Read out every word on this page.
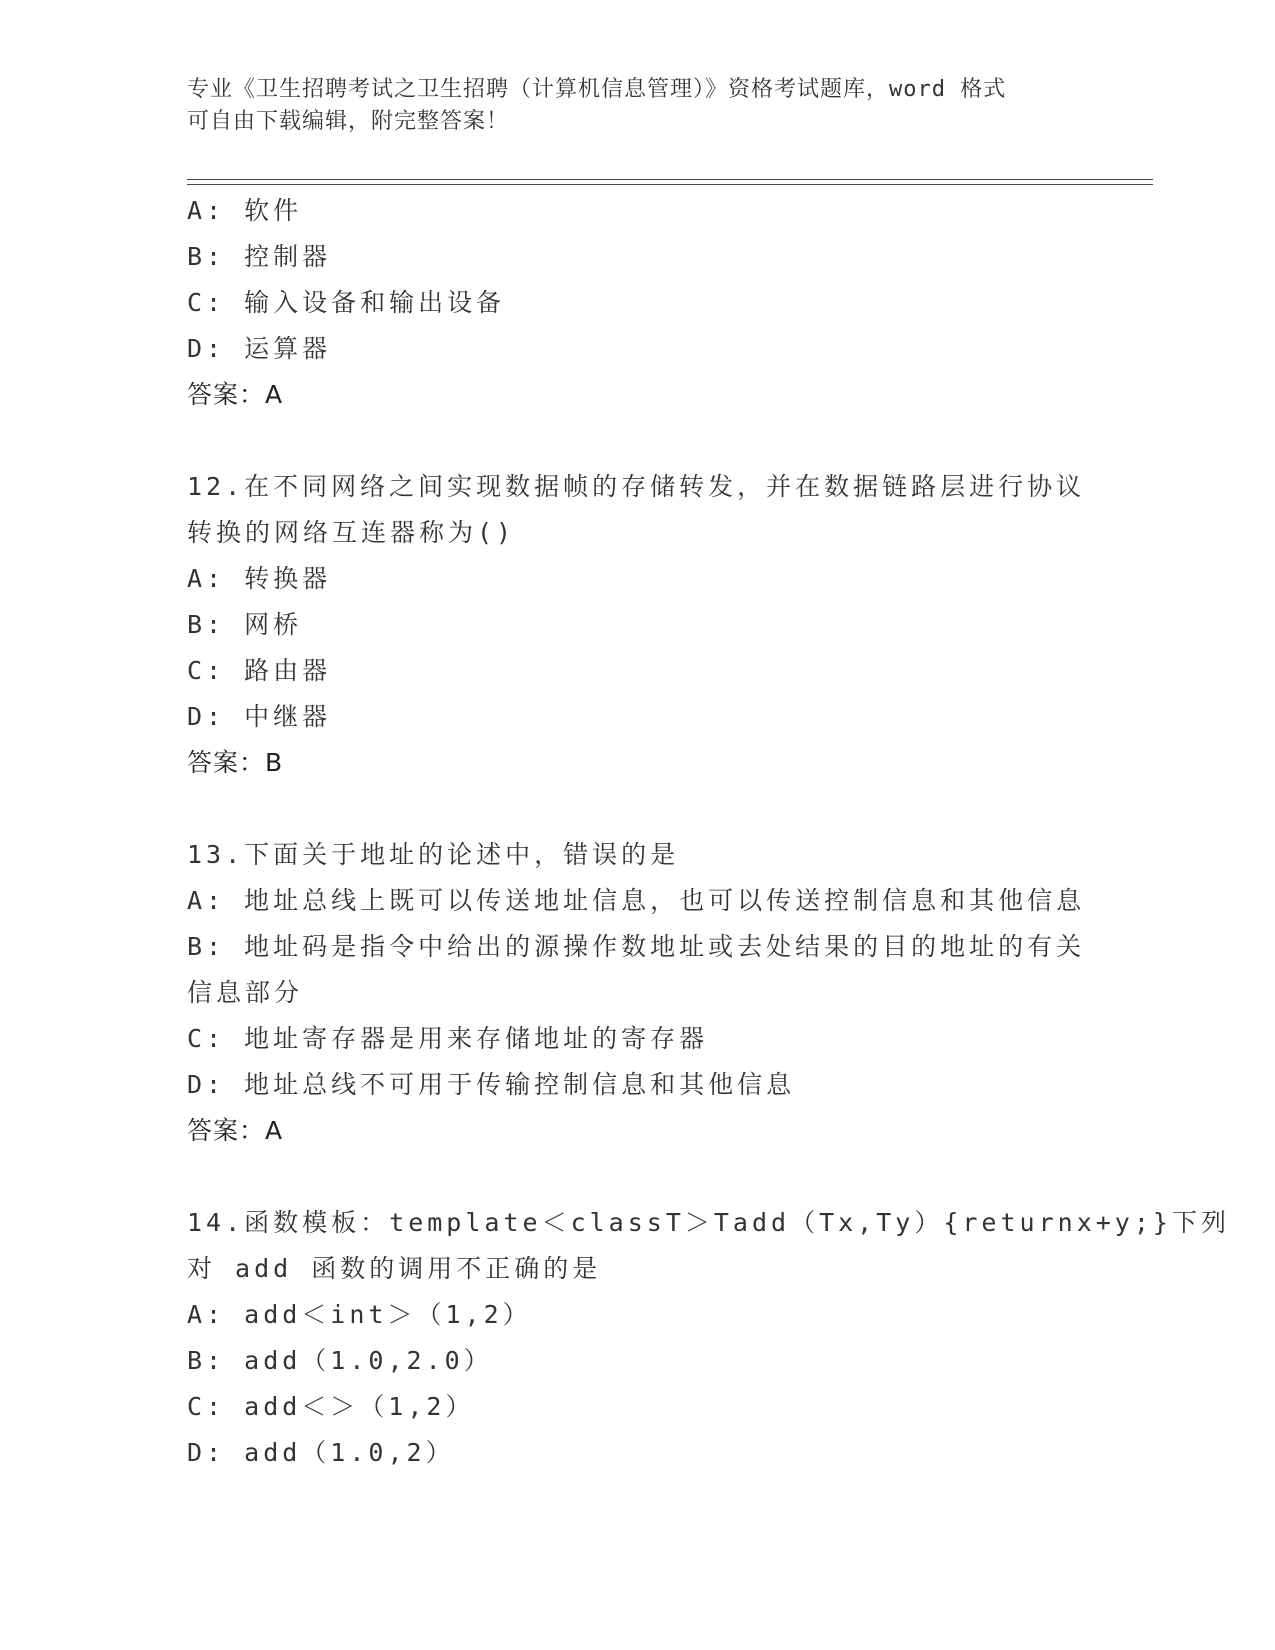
专业《卫生招聘考试之卫生招聘（计算机信息管理）》资格考试题库，word 格式
可自由下载编辑，附完整答案！
A: 软件
B: 控制器
C: 输入设备和输出设备
D: 运算器
答案：A
12.在不同网络之间实现数据帧的存储转发，并在数据链路层进行协议
转换的网络互连器称为()
A: 转换器
B: 网桥
C: 路由器
D: 中继器
答案：B
13.下面关于地址的论述中，错误的是
A: 地址总线上既可以传送地址信息，也可以传送控制信息和其他信息
B: 地址码是指令中给出的源操作数地址或去处结果的目的地址的有关
信息部分
C: 地址寄存器是用来存储地址的寄存器
D: 地址总线不可用于传输控制信息和其他信息
答案：A
14.函数模板：template＜classT＞Tadd（Tx,Ty）{returnx+y;}下列
对 add 函数的调用不正确的是
A: add＜int＞（1,2）
B: add（1.0,2.0）
C: add＜＞（1,2）
D: add（1.0,2）
